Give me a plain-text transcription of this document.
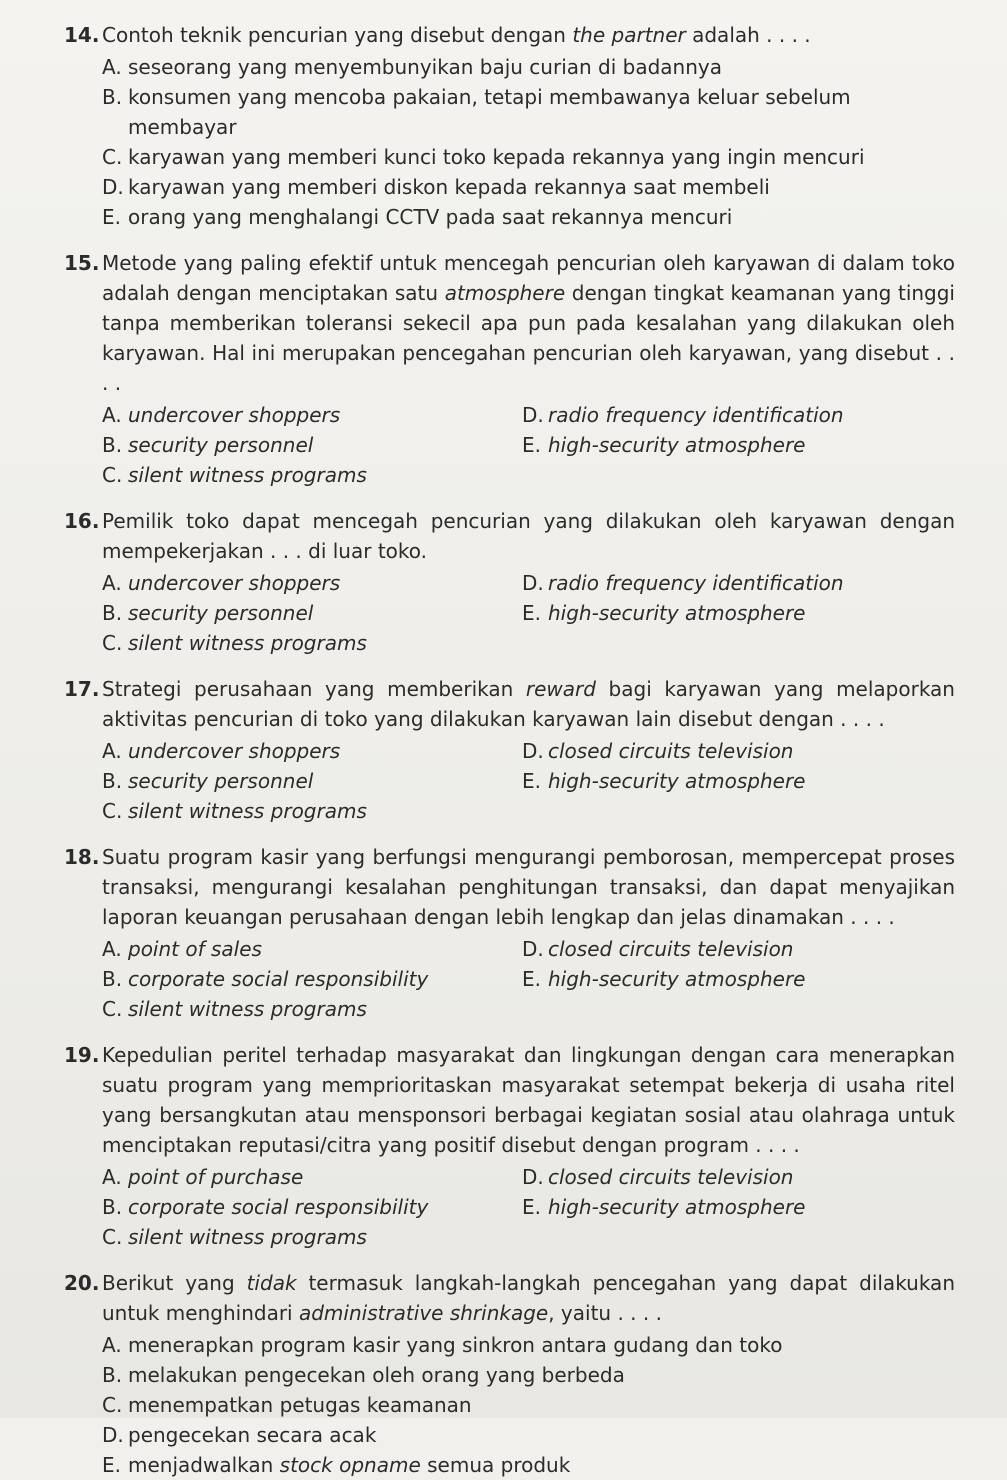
14. Contoh teknik pencurian yang disebut dengan the partner adalah . . . .
A. seseorang yang menyembunyikan baju curian di badannya
B. konsumen yang mencoba pakaian, tetapi membawanya keluar sebelum membayar
C. karyawan yang memberi kunci toko kepada rekannya yang ingin mencuri
D. karyawan yang memberi diskon kepada rekannya saat membeli
E. orang yang menghalangi CCTV pada saat rekannya mencuri
15. Metode yang paling efektif untuk mencegah pencurian oleh karyawan di dalam toko adalah dengan menciptakan satu atmosphere dengan tingkat keamanan yang tinggi tanpa memberikan toleransi sekecil apa pun pada kesalahan yang dilakukan oleh karyawan. Hal ini merupakan pencegahan pencurian oleh karyawan, yang disebut . . . .
A. undercover shoppers	D. radio frequency identification
B. security personnel	E. high-security atmosphere
C. silent witness programs
16. Pemilik toko dapat mencegah pencurian yang dilakukan oleh karyawan dengan mempekerjakan . . . di luar toko.
A. undercover shoppers	D. radio frequency identification
B. security personnel	E. high-security atmosphere
C. silent witness programs
17. Strategi perusahaan yang memberikan reward bagi karyawan yang melaporkan aktivitas pencurian di toko yang dilakukan karyawan lain disebut dengan . . . .
A. undercover shoppers	D. closed circuits television
B. security personnel	E. high-security atmosphere
C. silent witness programs
18. Suatu program kasir yang berfungsi mengurangi pemborosan, mempercepat proses transaksi, mengurangi kesalahan penghitungan transaksi, dan dapat menyajikan laporan keuangan perusahaan dengan lebih lengkap dan jelas dinamakan . . . .
A. point of sales	D. closed circuits television
B. corporate social responsibility	E. high-security atmosphere
C. silent witness programs
19. Kepedulian peritel terhadap masyarakat dan lingkungan dengan cara menerapkan suatu program yang memprioritaskan masyarakat setempat bekerja di usaha ritel yang bersangkutan atau mensponsori berbagai kegiatan sosial atau olahraga untuk menciptakan reputasi/citra yang positif disebut dengan program . . . .
A. point of purchase	D. closed circuits television
B. corporate social responsibility	E. high-security atmosphere
C. silent witness programs
20. Berikut yang tidak termasuk langkah-langkah pencegahan yang dapat dilakukan untuk menghindari administrative shrinkage, yaitu . . . .
A. menerapkan program kasir yang sinkron antara gudang dan toko
B. melakukan pengecekan oleh orang yang berbeda
C. menempatkan petugas keamanan
D. pengecekan secara acak
E. menjadwalkan stock opname semua produk
